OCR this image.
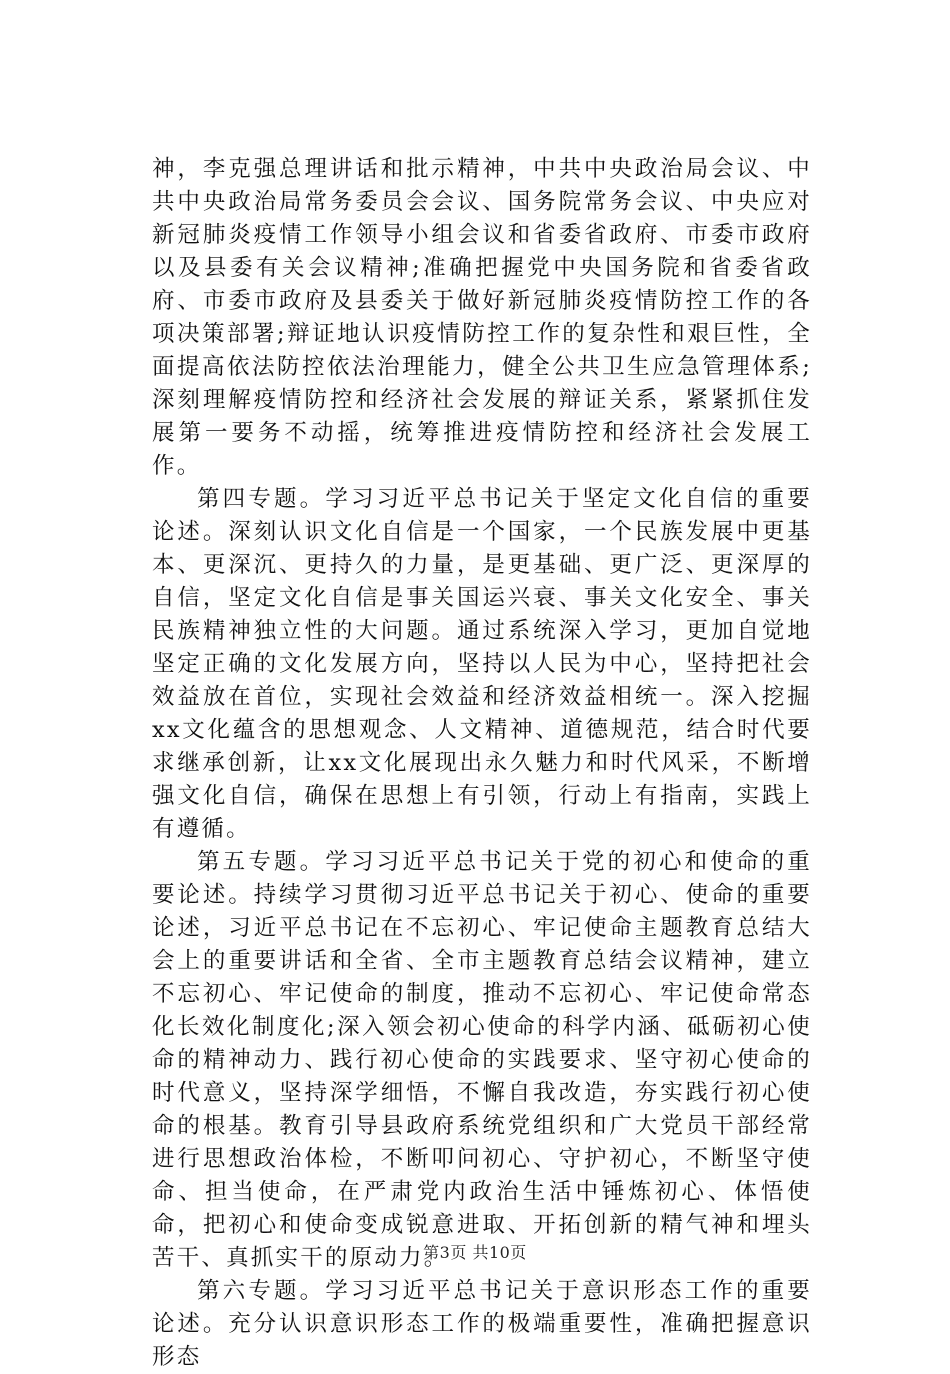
神，李克强总理讲话和批示精神，中共中央政治局会议、中共中央政治局常务委员会会议、国务院常务会议、中央应对新冠肺炎疫情工作领导小组会议和省委省政府、市委市政府以及县委有关会议精神;准确把握党中央国务院和省委省政府、市委市政府及县委关于做好新冠肺炎疫情防控工作的各项决策部署;辩证地认识疫情防控工作的复杂性和艰巨性，全面提高依法防控依法治理能力，健全公共卫生应急管理体系;深刻理解疫情防控和经济社会发展的辩证关系，紧紧抓住发展第一要务不动摇，统筹推进疫情防控和经济社会发展工作。

第四专题。学习习近平总书记关于坚定文化自信的重要论述。深刻认识文化自信是一个国家，一个民族发展中更基本、更深沉、更持久的力量，是更基础、更广泛、更深厚的自信，坚定文化自信是事关国运兴衰、事关文化安全、事关民族精神独立性的大问题。通过系统深入学习，更加自觉地坚定正确的文化发展方向，坚持以人民为中心，坚持把社会效益放在首位，实现社会效益和经济效益相统一。深入挖掘xx文化蕴含的思想观念、人文精神、道德规范，结合时代要求继承创新，让xx文化展现出永久魅力和时代风采，不断增强文化自信，确保在思想上有引领，行动上有指南，实践上有遵循。

第五专题。学习习近平总书记关于党的初心和使命的重要论述。持续学习贯彻习近平总书记关于初心、使命的重要论述，习近平总书记在不忘初心、牢记使命主题教育总结大会上的重要讲话和全省、全市主题教育总结会议精神，建立不忘初心、牢记使命的制度，推动不忘初心、牢记使命常态化长效化制度化;深入领会初心使命的科学内涵、砥砺初心使命的精神动力、践行初心使命的实践要求、坚守初心使命的时代意义，坚持深学细悟，不懈自我改造，夯实践行初心使命的根基。教育引导县政府系统党组织和广大党员干部经常进行思想政治体检，不断叩问初心、守护初心，不断坚守使命、担当使命，在严肃党内政治生活中锤炼初心、体悟使命，把初心和使命变成锐意进取、开拓创新的精气神和埋头苦干、真抓实干的原动力。

第六专题。学习习近平总书记关于意识形态工作的重要论述。充分认识意识形态工作的极端重要性，准确把握意识形态

第3页 共10页
